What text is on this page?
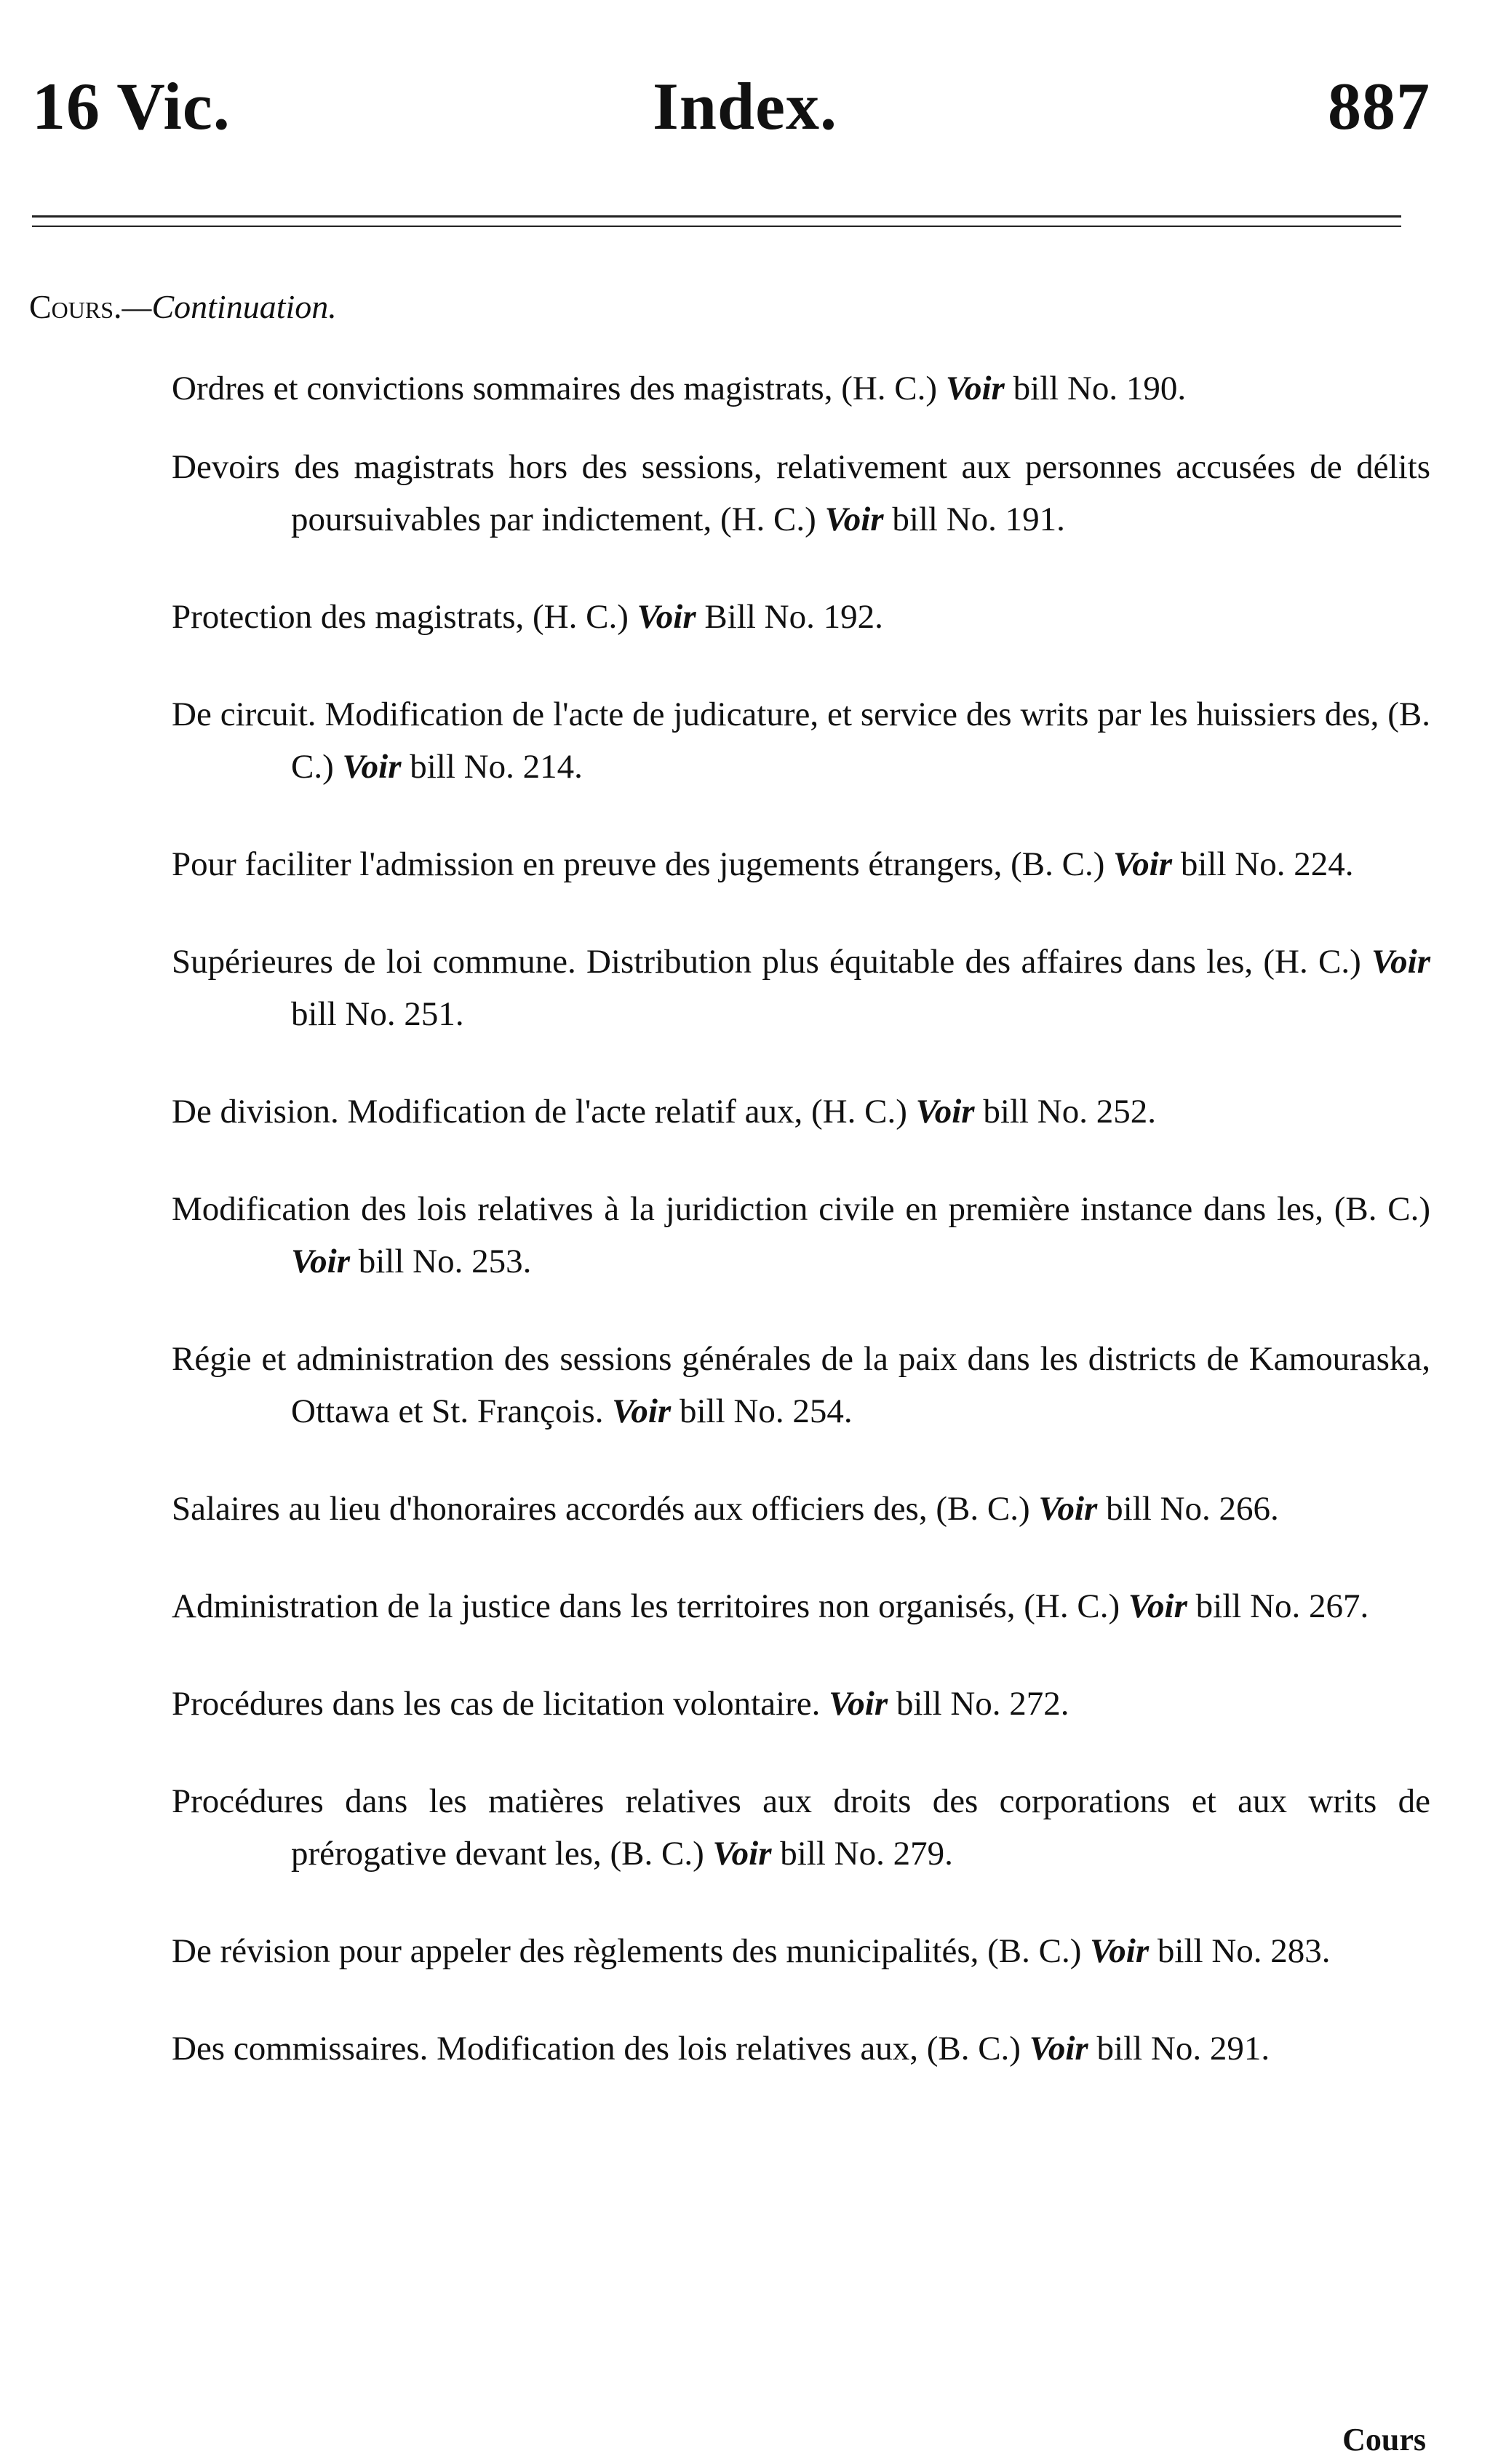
16 Vic.	Index.	887
Cours.—Continuation.

Ordres et convictions sommaires des magistrats, (H. C.) Voir bill No. 190.

Devoirs des magistrats hors des sessions, relativement aux personnes accusées de délits poursuivables par indictement, (H. C.) Voir bill No. 191.

Protection des magistrats, (H. C.) Voir Bill No. 192.

De circuit. Modification de l'acte de judicature, et service des writs par les huissiers des, (B. C.) Voir bill No. 214.

Pour faciliter l'admission en preuve des jugements étrangers, (B. C.) Voir bill No. 224.

Supérieures de loi commune. Distribution plus équitable des affaires dans les, (H. C.) Voir bill No. 251.

De division. Modification de l'acte relatif aux, (H. C.) Voir bill No. 252.

Modification des lois relatives à la juridiction civile en première instance dans les, (B. C.) Voir bill No. 253.

Régie et administration des sessions générales de la paix dans les districts de Kamouraska, Ottawa et St. François. Voir bill No. 254.

Salaires au lieu d'honoraires accordés aux officiers des, (B. C.) Voir bill No. 266.

Administration de la justice dans les territoires non organisés, (H. C.) Voir bill No. 267.

Procédures dans les cas de licitation volontaire. Voir bill No. 272.

Procédures dans les matières relatives aux droits des corporations et aux writs de prérogative devant les, (B. C.) Voir bill No. 279.

De révision pour appeler des règlements des municipalités, (B. C.) Voir bill No. 283.

Des commissaires. Modification des lois relatives aux, (B. C.) Voir bill No. 291.

Cours
